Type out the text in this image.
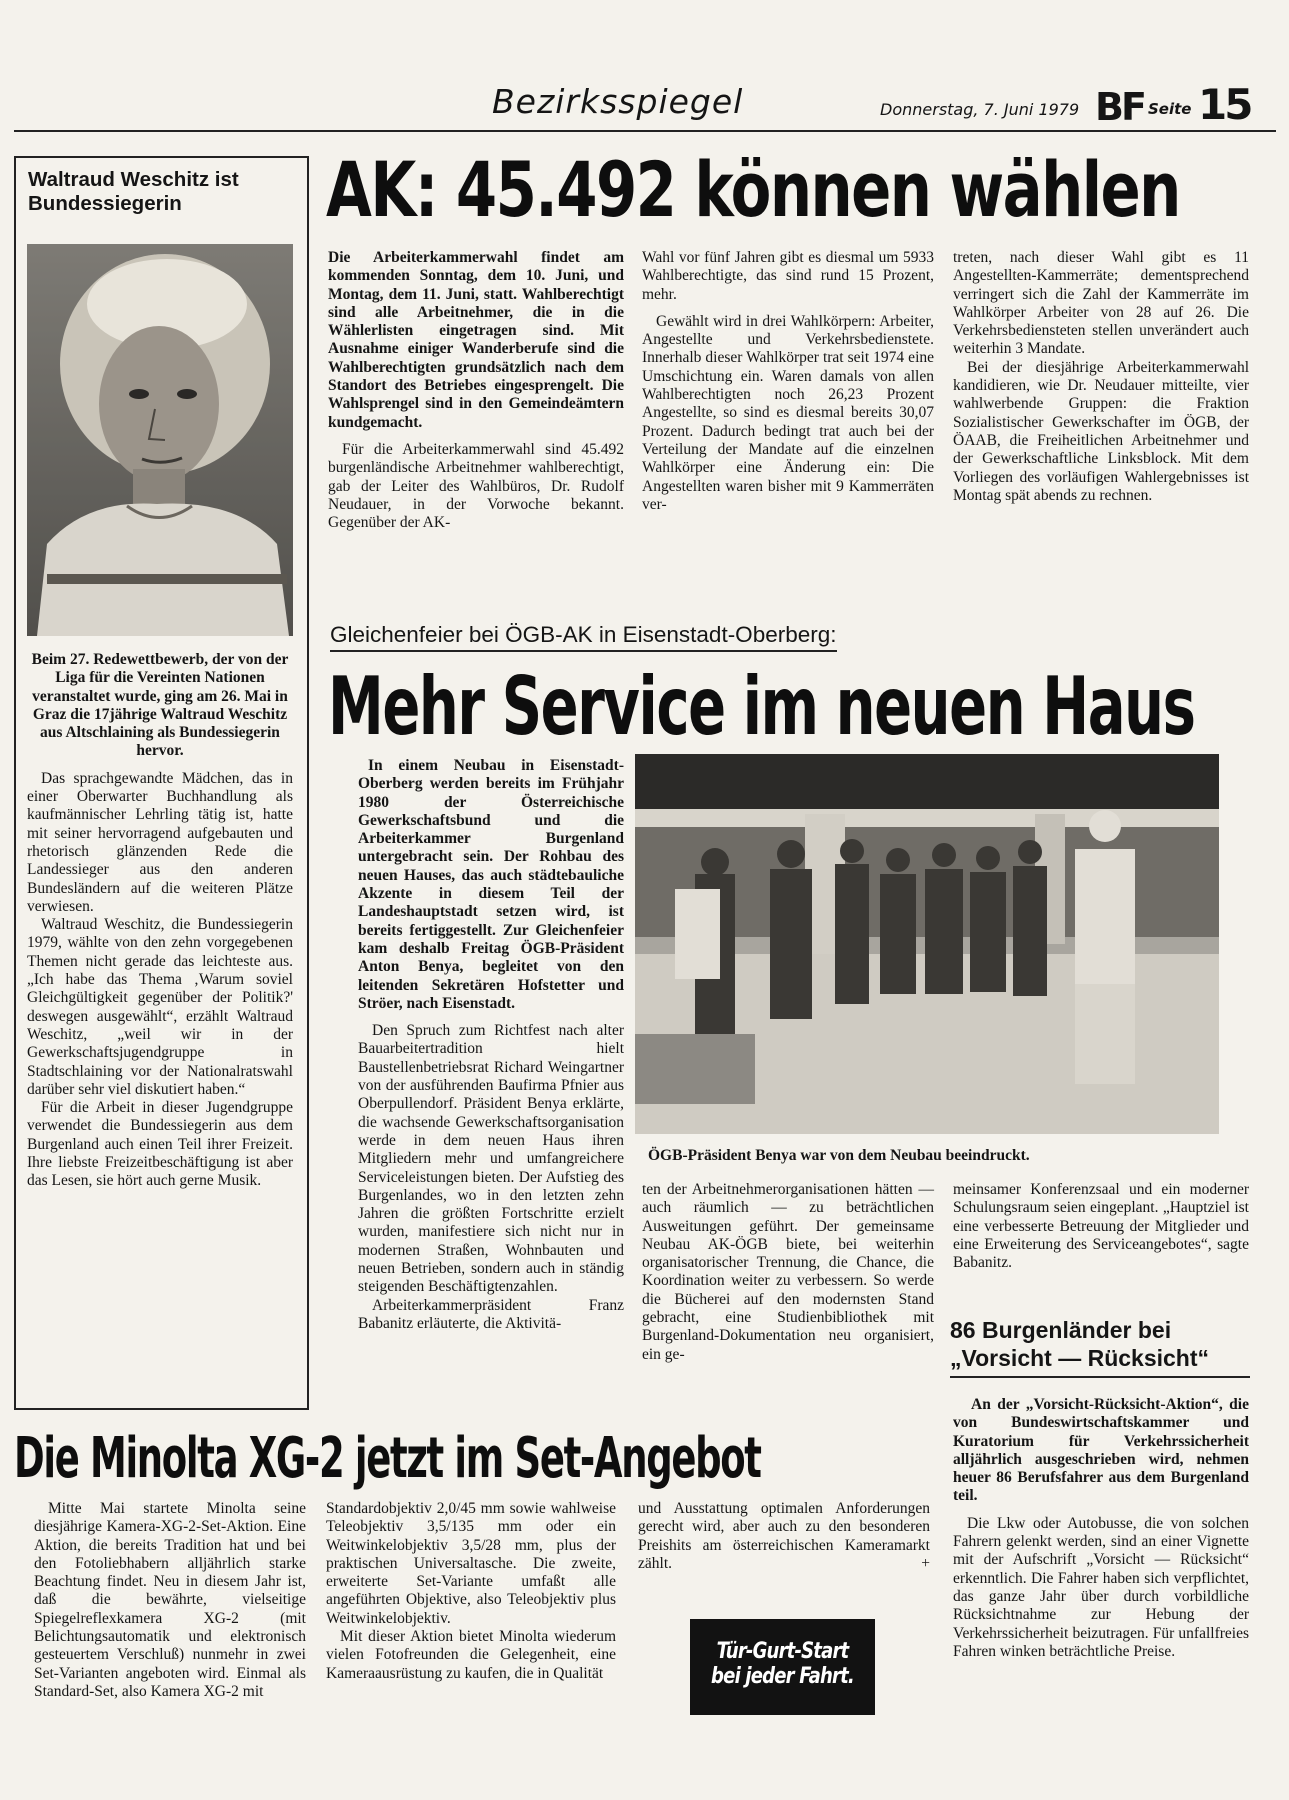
Bezirksspiegel	Donnerstag, 7. Juni 1979 BF Seite 15
Waltraud Weschitz ist Bundessiegerin

Beim 27. Redewettbewerb, der von der Liga für die Vereinten Nationen veranstaltet wurde, ging am 26. Mai in Graz die 17jährige Waltraud Weschitz aus Altschlaining als Bundessiegerin hervor.

Das sprachgewandte Mädchen, das in einer Oberwarter Buchhandlung als kaufmännischer Lehrling tätig ist, hatte mit seiner hervorragend aufgebauten und rhetorisch glänzenden Rede die Landessieger aus den anderen Bundesländern auf die weiteren Plätze verwiesen.

Waltraud Weschitz, die Bundessiegerin 1979, wählte von den zehn vorgegebenen Themen nicht gerade das leichteste aus. „Ich habe das Thema ‚Warum soviel Gleichgültigkeit gegenüber der Politik?' deswegen ausgewählt“, erzählt Waltraud Weschitz, „weil wir in der Gewerkschaftsjugendgruppe in Stadtschlaining vor der Nationalratswahl darüber sehr viel diskutiert haben.“

Für die Arbeit in dieser Jugendgruppe verwendet die Bundessiegerin aus dem Burgenland auch einen Teil ihrer Freizeit. Ihre liebste Freizeitbeschäftigung ist aber das Lesen, sie hört auch gerne Musik.

AK: 45.492 können wählen

Die Arbeiterkammerwahl findet am kommenden Sonntag, dem 10. Juni, und Montag, dem 11. Juni, statt. Wahlberechtigt sind alle Arbeitnehmer, die in die Wählerlisten eingetragen sind. Mit Ausnahme einiger Wanderberufe sind die Wahlberechtigten grundsätzlich nach dem Standort des Betriebes eingesprengelt. Die Wahlsprengel sind in den Gemeindeämtern kundgemacht.

Für die Arbeiterkammerwahl sind 45.492 burgenländische Arbeitnehmer wahlberechtigt, gab der Leiter des Wahlbüros, Dr. Rudolf Neudauer, in der Vorwoche bekannt. Gegenüber der AK-

Wahl vor fünf Jahren gibt es diesmal um 5933 Wahlberechtigte, das sind rund 15 Prozent, mehr.

Gewählt wird in drei Wahlkörpern: Arbeiter, Angestellte und Verkehrsbedienstete. Innerhalb dieser Wahlkörper trat seit 1974 eine Umschichtung ein. Waren damals von allen Wahlberechtigten noch 26,23 Prozent Angestellte, so sind es diesmal bereits 30,07 Prozent. Dadurch bedingt trat auch bei der Verteilung der Mandate auf die einzelnen Wahlkörper eine Änderung ein: Die Angestellten waren bisher mit 9 Kammerräten ver-

treten, nach dieser Wahl gibt es 11 Angestellten-Kammerräte; dementsprechend verringert sich die Zahl der Kammerräte im Wahlkörper Arbeiter von 28 auf 26. Die Verkehrsbediensteten stellen unverändert auch weiterhin 3 Mandate.

Bei der diesjährige Arbeiterkammerwahl kandidieren, wie Dr. Neudauer mitteilte, vier wahlwerbende Gruppen: die Fraktion Sozialistischer Gewerkschafter im ÖGB, der ÖAAB, die Freiheitlichen Arbeitnehmer und der Gewerkschaftliche Linksblock. Mit dem Vorliegen des vorläufigen Wahlergebnisses ist Montag spät abends zu rechnen.

Gleichenfeier bei ÖGB-AK in Eisenstadt-Oberberg:
Mehr Service im neuen Haus

In einem Neubau in Eisenstadt-Oberberg werden bereits im Frühjahr 1980 der Österreichische Gewerkschaftsbund und die Arbeiterkammer Burgenland untergebracht sein. Der Rohbau des neuen Hauses, das auch städtebauliche Akzente in diesem Teil der Landeshauptstadt setzen wird, ist bereits fertiggestellt. Zur Gleichenfeier kam deshalb Freitag ÖGB-Präsident Anton Benya, begleitet von den leitenden Sekretären Hofstetter und Ströer, nach Eisenstadt.

Den Spruch zum Richtfest nach alter Bauarbeitertradition hielt Baustellenbetriebsrat Richard Weingartner von der ausführenden Baufirma Pfnier aus Oberpullendorf. Präsident Benya erklärte, die wachsende Gewerkschaftsorganisation werde in dem neuen Haus ihren Mitgliedern mehr und umfangreichere Serviceleistungen bieten. Der Aufstieg des Burgenlandes, wo in den letzten zehn Jahren die größten Fortschritte erzielt wurden, manifestiere sich nicht nur in modernen Straßen, Wohnbauten und neuen Betrieben, sondern auch in ständig steigenden Beschäftigtenzahlen.

Arbeiterkammerpräsident Franz Babanitz erläuterte, die Aktivitä-

ÖGB-Präsident Benya war von dem Neubau beeindruckt.

ten der Arbeitnehmerorganisationen hätten — auch räumlich — zu beträchtlichen Ausweitungen geführt. Der gemeinsame Neubau AK-ÖGB biete, bei weiterhin organisatorischer Trennung, die Chance, die Koordination weiter zu verbessern. So werde die Bücherei auf den modernsten Stand gebracht, eine Studienbibliothek mit Burgenland-Dokumentation neu organisiert, ein ge-

meinsamer Konferenzsaal und ein moderner Schulungsraum seien eingeplant. „Hauptziel ist eine verbesserte Betreuung der Mitglieder und eine Erweiterung des Serviceangebotes“, sagte Babanitz.

86 Burgenländer bei
„Vorsicht — Rücksicht“

An der „Vorsicht-Rücksicht-Aktion“, die von Bundeswirtschaftskammer und Kuratorium für Verkehrssicherheit alljährlich ausgeschrieben wird, nehmen heuer 86 Berufsfahrer aus dem Burgenland teil.

Die Lkw oder Autobusse, die von solchen Fahrern gelenkt werden, sind an einer Vignette mit der Aufschrift „Vorsicht — Rücksicht“ erkenntlich. Die Fahrer haben sich verpflichtet, das ganze Jahr über durch vorbildliche Rücksichtnahme zur Hebung der Verkehrssicherheit beizutragen. Für unfallfreies Fahren winken beträchtliche Preise.

Die Minolta XG-2 jetzt im Set-Angebot

Mitte Mai startete Minolta seine diesjährige Kamera-XG-2-Set-Aktion. Eine Aktion, die bereits Tradition hat und bei den Fotoliebhabern alljährlich starke Beachtung findet. Neu in diesem Jahr ist, daß die bewährte, vielseitige Spiegelreflexkamera XG-2 (mit Belichtungsautomatik und elektronisch gesteuertem Verschluß) nunmehr in zwei Set-Varianten angeboten wird. Einmal als Standard-Set, also Kamera XG-2 mit

Standardobjektiv 2,0/45 mm sowie wahlweise Teleobjektiv 3,5/135 mm oder ein Weitwinkelobjektiv 3,5/28 mm, plus der praktischen Universaltasche. Die zweite, erweiterte Set-Variante umfaßt alle angeführten Objektive, also Teleobjektiv plus Weitwinkelobjektiv.

Mit dieser Aktion bietet Minolta wiederum vielen Fotofreunden die Gelegenheit, eine Kameraausrüstung zu kaufen, die in Qualität

und Ausstattung optimalen Anforderungen gerecht wird, aber auch zu den besonderen Preishits am österreichischen Kameramarkt zählt.	+

Tür-Gurt-Start
bei jeder Fahrt.
